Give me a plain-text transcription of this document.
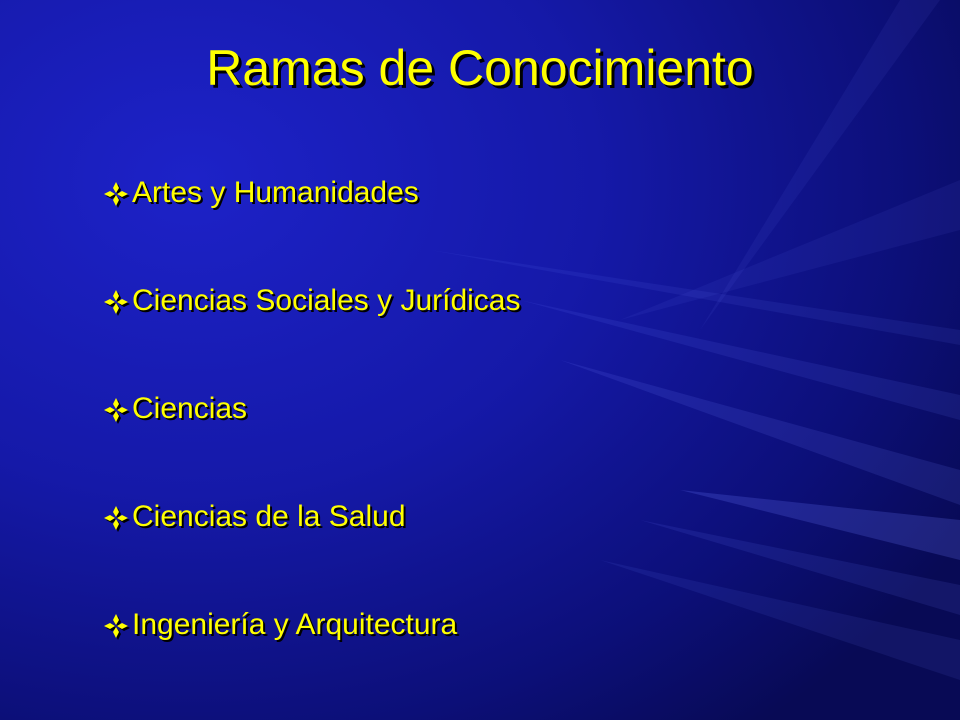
Ramas de Conocimiento
Artes y Humanidades
Ciencias Sociales y Jurídicas
Ciencias
Ciencias de la Salud
Ingeniería y Arquitectura
